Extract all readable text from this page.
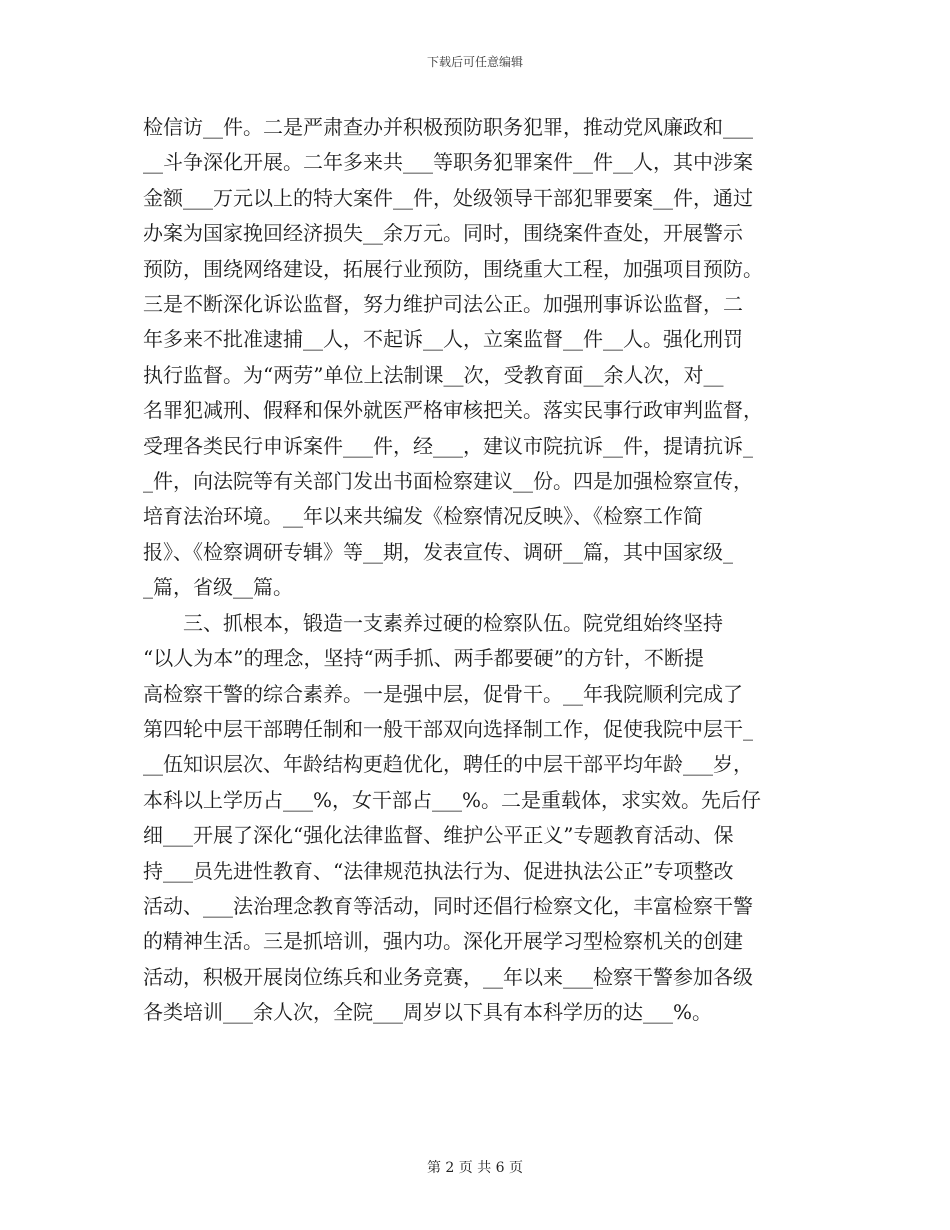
下载后可任意编辑
检信访__件。二是严肃查办并积极预防职务犯罪，推动党风廉政和___
__斗争深化开展。二年多来共___等职务犯罪案件__件__人，其中涉案
金额___万元以上的特大案件__件，处级领导干部犯罪要案__件，通过
办案为国家挽回经济损失__余万元。同时，围绕案件查处，开展警示
预防，围绕网络建设，拓展行业预防，围绕重大工程，加强项目预防。
三是不断深化诉讼监督，努力维护司法公正。加强刑事诉讼监督，二
年多来不批准逮捕__人，不起诉__人，立案监督__件__人。强化刑罚
执行监督。为“两劳”单位上法制课__次，受教育面__余人次，对__
名罪犯减刑、假释和保外就医严格审核把关。落实民事行政审判监督，
受理各类民行申诉案件___件，经___，建议市院抗诉__件，提请抗诉_
_件，向法院等有关部门发出书面检察建议__份。四是加强检察宣传，
培育法治环境。__年以来共编发《检察情况反映》、《检察工作简
报》、《检察调研专辑》等__期，发表宣传、调研__篇，其中国家级_
_篇，省级__篇。
三、抓根本，锻造一支素养过硬的检察队伍。院党组始终坚持
“以人为本”的理念，坚持“两手抓、两手都要硬”的方针，不断提
高检察干警的综合素养。一是强中层，促骨干。__年我院顺利完成了
第四轮中层干部聘任制和一般干部双向选择制工作，促使我院中层干_
__伍知识层次、年龄结构更趋优化，聘任的中层干部平均年龄___岁，
本科以上学历占___%，女干部占___%。二是重载体，求实效。先后仔
细___开展了深化“强化法律监督、维护公平正义”专题教育活动、保
持___员先进性教育、“法律规范执法行为、促进执法公正”专项整改
活动、___法治理念教育等活动，同时还倡行检察文化，丰富检察干警
的精神生活。三是抓培训，强内功。深化开展学习型检察机关的创建
活动，积极开展岗位练兵和业务竞赛，__年以来___检察干警参加各级
各类培训___余人次，全院___周岁以下具有本科学历的达___%。
第 2 页 共 6 页
